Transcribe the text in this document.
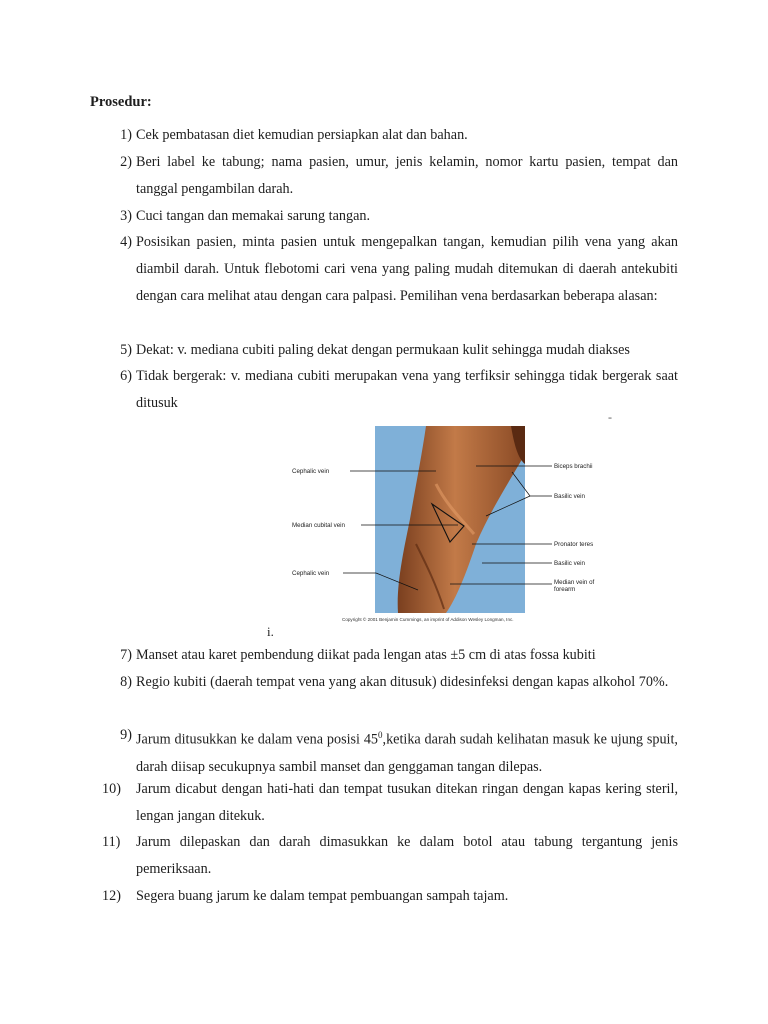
Prosedur:
1) Cek pembatasan diet kemudian persiapkan alat dan bahan.
2) Beri label ke tabung; nama pasien, umur, jenis kelamin, nomor kartu pasien, tempat dan tanggal pengambilan darah.
3) Cuci tangan dan memakai sarung tangan.
4) Posisikan pasien, minta pasien untuk mengepalkan tangan, kemudian pilih vena yang akan diambil darah. Untuk flebotomi cari vena yang paling mudah ditemukan di daerah antekubiti dengan cara melihat atau dengan cara palpasi. Pemilihan vena berdasarkan beberapa alasan:
5) Dekat: v. mediana cubiti paling dekat dengan permukaan kulit sehingga mudah diakses
6) Tidak bergerak: v. mediana cubiti merupakan vena yang terfiksir sehingga tidak bergerak saat ditusuk
-
Cephalic vein
Median cubital vein
Cephalic vein
Biceps brachii
Basilic vein
Pronator teres
Basilic vein
Median vein of
forearm
Copyright © 2001 Benjamin Cummings, an imprint of Addison Wesley Longman, Inc.
i.
7) Manset atau karet pembendung diikat pada lengan atas ±5 cm di atas fossa kubiti
8) Regio kubiti (daerah tempat vena yang akan ditusuk) didesinfeksi dengan kapas alkohol 70%.
9) Jarum ditusukkan ke dalam vena posisi $45^0,ketika$ darah sudah kelihatan masuk ke ujung spuit, darah diisap secukupnya sambil manset dan genggaman tangan dilepas.
10)	Jarum dicabut dengan hati-hati dan tempat tusukan ditekan ringan dengan kapas kering steril, lengan jangan ditekuk.
11)	Jarum dilepaskan dan darah dimasukkan ke dalam botol atau tabung tergantung jenis pemeriksaan.
12)	Segera buang jarum ke dalam tempat pembuangan sampah tajam.
